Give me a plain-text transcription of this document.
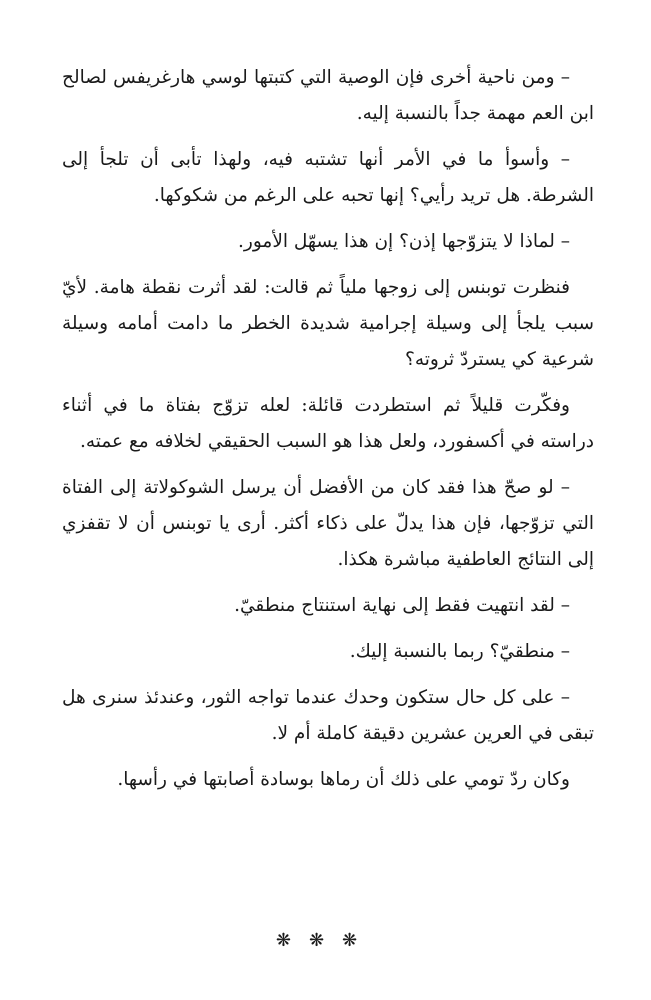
– ومن ناحية أخرى فإن الوصية التي كتبتها لوسي هارغريفس لصالح ابن العم مهمة جداً بالنسبة إليه.

– وأسوأ ما في الأمر أنها تشتبه فيه، ولهذا تأبى أن تلجأ إلى الشرطة. هل تريد رأيي؟ إنها تحبه على الرغم من شكوكها.

– لماذا لا يتزوّجها إذن؟ إن هذا يسهّل الأمور.

فنظرت توبنس إلى زوجها ملياً ثم قالت: لقد أثرت نقطة هامة. لأيّ سبب يلجأ إلى وسيلة إجرامية شديدة الخطر ما دامت أمامه وسيلة شرعية كي يستردّ ثروته؟

وفكّرت قليلاً ثم استطردت قائلة: لعله تزوّج بفتاة ما في أثناء دراسته في أكسفورد، ولعل هذا هو السبب الحقيقي لخلافه مع عمته.

– لو صحّ هذا فقد كان من الأفضل أن يرسل الشوكولاتة إلى الفتاة التي تزوّجها، فإن هذا يدلّ على ذكاء أكثر. أرى يا توبنس أن لا تقفزي إلى النتائج العاطفية مباشرة هكذا.

– لقد انتهيت فقط إلى نهاية استنتاج منطقيّ.

– منطقيّ؟ ربما بالنسبة إليك.

– على كل حال ستكون وحدك عندما تواجه الثور، وعندئذ سنرى هل تبقى في العرين عشرين دقيقة كاملة أم لا.

وكان ردّ تومي على ذلك أن رماها بوسادة أصابتها في رأسها.

❋❋❋
